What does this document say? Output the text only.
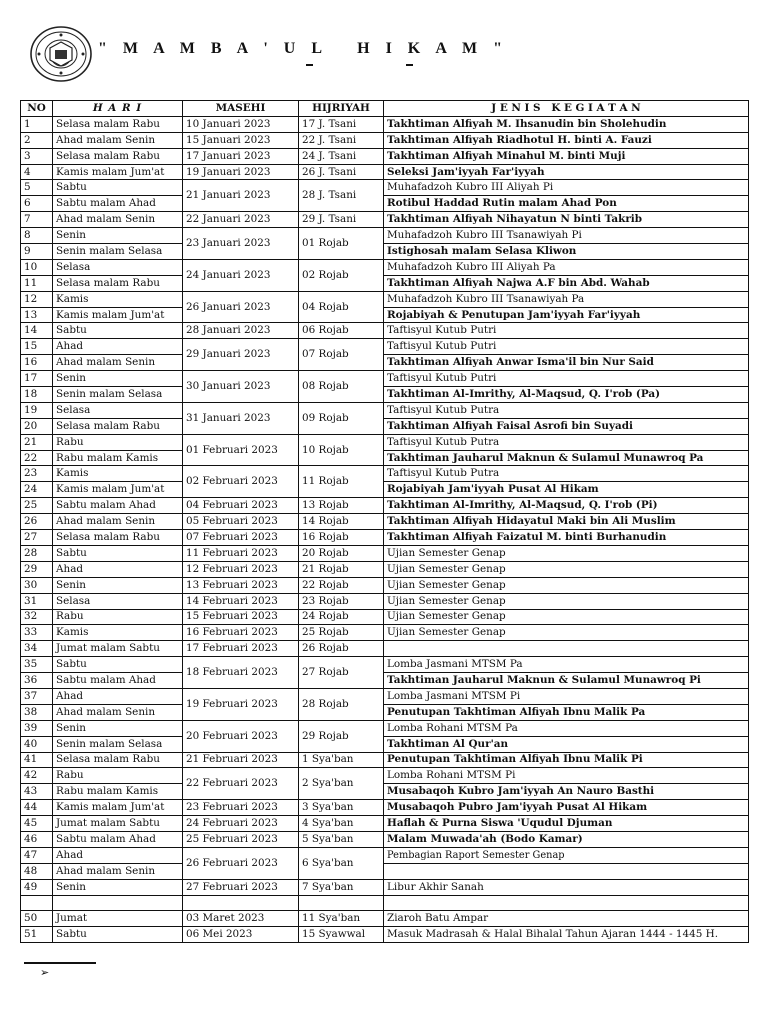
" M A M B A ' U L   H I K A M "
NO	H A R I	MASEHI	HIJRIYAH	J E N I S   K E G I A T A N
1	Selasa malam Rabu	10 Januari 2023	17 J. Tsani	Takhtiman Alfiyah M. Ihsanudin bin Sholehudin
2	Ahad malam Senin	15 Januari 2023	22 J. Tsani	Takhtiman Alfiyah Riadhotul H. binti A. Fauzi
3	Selasa malam Rabu	17 Januari 2023	24 J. Tsani	Takhtiman Alfiyah Minahul M. binti Muji
4	Kamis malam Jum'at	19 Januari 2023	26 J. Tsani	Seleksi Jam'iyyah Far'iyyah
5	Sabtu	21 Januari 2023	28 J. Tsani	Muhafadzoh Kubro III Aliyah Pi
6	Sabtu malam Ahad			Rotibul Haddad Rutin malam Ahad Pon
7	Ahad malam Senin	22 Januari 2023	29 J. Tsani	Takhtiman Alfiyah Nihayatun N binti Takrib
8	Senin	23 Januari 2023	01 Rojab	Muhafadzoh Kubro III Tsanawiyah Pi
9	Senin malam Selasa			Istighosah malam Selasa Kliwon
10	Selasa	24 Januari 2023	02 Rojab	Muhafadzoh Kubro III Aliyah Pa
11	Selasa malam Rabu			Takhtiman Alfiyah Najwa A.F bin Abd. Wahab
12	Kamis	26 Januari 2023	04 Rojab	Muhafadzoh Kubro III Tsanawiyah Pa
13	Kamis malam Jum'at			Rojabiyah & Penutupan Jam'iyyah Far'iyyah
14	Sabtu	28 Januari 2023	06 Rojab	Taftisyul Kutub Putri
15	Ahad	29 Januari 2023	07 Rojab	Taftisyul Kutub Putri
16	Ahad malam Senin			Takhtiman Alfiyah Anwar Isma'il bin Nur Said
17	Senin	30 Januari 2023	08 Rojab	Taftisyul Kutub Putri
18	Senin malam Selasa			Takhtiman Al-Imrithy, Al-Maqsud, Q. I'rob (Pa)
19	Selasa	31 Januari 2023	09 Rojab	Taftisyul Kutub Putra
20	Selasa malam Rabu			Takhtiman Alfiyah Faisal Asrofi bin Suyadi
21	Rabu	01 Februari 2023	10 Rojab	Taftisyul Kutub Putra
22	Rabu malam Kamis			Takhtiman Jauharul Maknun & Sulamul Munawroq Pa
23	Kamis	02 Februari 2023	11 Rojab	Taftisyul Kutub Putra
24	Kamis malam Jum'at			Rojabiyah Jam'iyyah Pusat Al Hikam
25	Sabtu malam Ahad	04 Februari 2023	13 Rojab	Takhtiman Al-Imrithy, Al-Maqsud, Q. I'rob (Pi)
26	Ahad malam Senin	05 Februari 2023	14 Rojab	Takhtiman Alfiyah Hidayatul Maki bin Ali Muslim
27	Selasa malam Rabu	07 Februari 2023	16 Rojab	Takhtiman Alfiyah Faizatul M. binti Burhanudin
28	Sabtu	11 Februari 2023	20 Rojab	Ujian Semester Genap
29	Ahad	12 Februari 2023	21 Rojab	Ujian Semester Genap
30	Senin	13 Februari 2023	22 Rojab	Ujian Semester Genap
31	Selasa	14 Februari 2023	23 Rojab	Ujian Semester Genap
32	Rabu	15 Februari 2023	24 Rojab	Ujian Semester Genap
33	Kamis	16 Februari 2023	25 Rojab	Ujian Semester Genap
34	Jumat malam Sabtu	17 Februari 2023	26 Rojab	
35	Sabtu	18 Februari 2023	27 Rojab	Lomba Jasmani MTSM Pa
36	Sabtu malam Ahad			Takhtiman Jauharul Maknun & Sulamul Munawroq Pi
37	Ahad	19 Februari 2023	28 Rojab	Lomba Jasmani MTSM Pi
38	Ahad malam Senin			Penutupan Takhtiman Alfiyah Ibnu Malik Pa
39	Senin	20 Februari 2023	29 Rojab	Lomba Rohani MTSM Pa
40	Senin malam Selasa			Takhtiman Al Qur'an
41	Selasa malam Rabu	21 Februari 2023	1 Sya'ban	Penutupan Takhtiman Alfiyah Ibnu Malik Pi
42	Rabu	22 Februari 2023	2 Sya'ban	Lomba Rohani MTSM Pi
43	Rabu malam Kamis			Musabaqoh Kubro Jam'iyyah An Nauro Basthi
44	Kamis malam Jum'at	23 Februari 2023	3 Sya'ban	Musabaqoh Pubro Jam'iyyah Pusat Al Hikam
45	Jumat malam Sabtu	24 Februari 2023	4 Sya'ban	Haflah & Purna Siswa 'Uqudul Djuman
46	Sabtu malam Ahad	25 Februari 2023	5 Sya'ban	Malam Muwada'ah (Bodo Kamar)
47	Ahad	26 Februari 2023	6 Sya'ban	Pembagian Raport Semester Genap
48	Ahad malam Senin			
49	Senin	27 Februari 2023	7 Sya'ban	Libur Akhir Sanah

50	Jumat	03 Maret 2023	11 Sya'ban	Ziaroh Batu Ampar
51	Sabtu	06 Mei 2023	15 Syawwal	Masuk Madrasah & Halal Bihalal Tahun Ajaran 1444 - 1445 H.
➢
